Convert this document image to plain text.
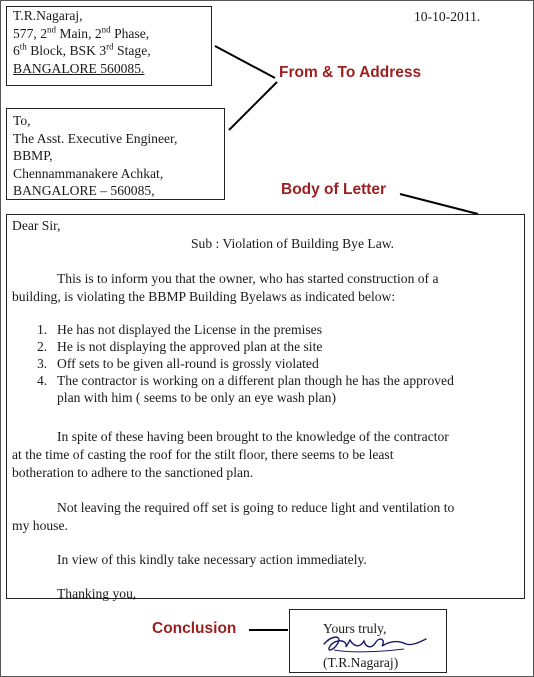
10-10-2011.
T.R.Nagaraj,
577, 2nd Main, 2nd Phase,
6th Block, BSK 3rd Stage,
BANGALORE 560085.
To,
The Asst. Executive Engineer,
BBMP,
Chennammanakere Achkat,
BANGALORE – 560085,
From & To Address
Body of Letter
Conclusion
Dear Sir,
Sub : Violation of Building Bye Law.
This is to inform you that the owner, who has started construction of a
building, is violating the BBMP Building Byelaws as indicated below:
1. He has not displayed the License in the premises
2. He is not displaying the approved plan at the site
3. Off sets to be given all-round is grossly violated
4. The contractor is working on a different plan though he has the approved
plan with him ( seems to be only an eye wash plan)
In spite of these having been brought to the knowledge of the contractor
at the time of casting the roof for the stilt floor, there seems to be least
botheration to adhere to the sanctioned plan.
Not leaving the required off set is going to reduce light and ventilation to
my house.
In view of this kindly take necessary action immediately.
Thanking you,
Yours truly,
(T.R.Nagaraj)
